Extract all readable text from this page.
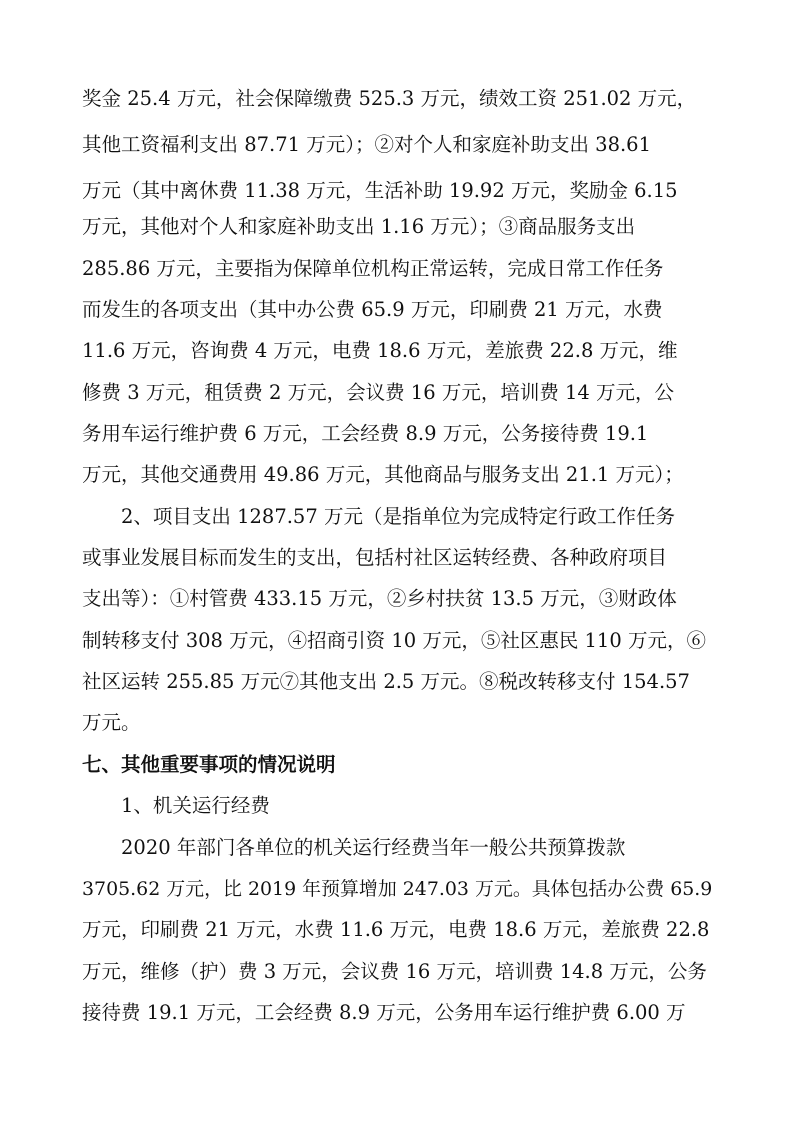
奖金 25.4 万元，社会保障缴费 525.3 万元，绩效工资 251.02 万元，
其他工资福利支出 87.71 万元）；②对个人和家庭补助支出 38.61
万元（其中离休费 11.38 万元，生活补助 19.92 万元，奖励金 6.15
万元，其他对个人和家庭补助支出 1.16 万元）；③商品服务支出
285.86 万元，主要指为保障单位机构正常运转，完成日常工作任务
而发生的各项支出（其中办公费 65.9 万元，印刷费 21 万元，水费
11.6 万元，咨询费 4 万元，电费 18.6 万元，差旅费 22.8 万元，维
修费 3 万元，租赁费 2 万元，会议费 16 万元，培训费 14 万元，公
务用车运行维护费 6 万元，工会经费 8.9 万元，公务接待费 19.1
万元，其他交通费用 49.86 万元，其他商品与服务支出 21.1 万元）；
2、项目支出 1287.57 万元（是指单位为完成特定行政工作任务
或事业发展目标而发生的支出，包括村社区运转经费、各种政府项目
支出等）：①村管费 433.15 万元，②乡村扶贫 13.5 万元，③财政体
制转移支付 308 万元，④招商引资 10 万元，⑤社区惠民 110 万元，⑥
社区运转 255.85 万元⑦其他支出 2.5 万元。⑧税改转移支付 154.57
万元。
七、其他重要事项的情况说明
1、机关运行经费
2020 年部门各单位的机关运行经费当年一般公共预算拨款
3705.62 万元，比 2019 年预算增加 247.03 万元。具体包括办公费 65.9
万元，印刷费 21 万元，水费 11.6 万元，电费 18.6 万元，差旅费 22.8
万元，维修（护）费 3 万元，会议费 16 万元，培训费 14.8 万元，公务
接待费 19.1 万元，工会经费 8.9 万元，公务用车运行维护费 6.00 万
